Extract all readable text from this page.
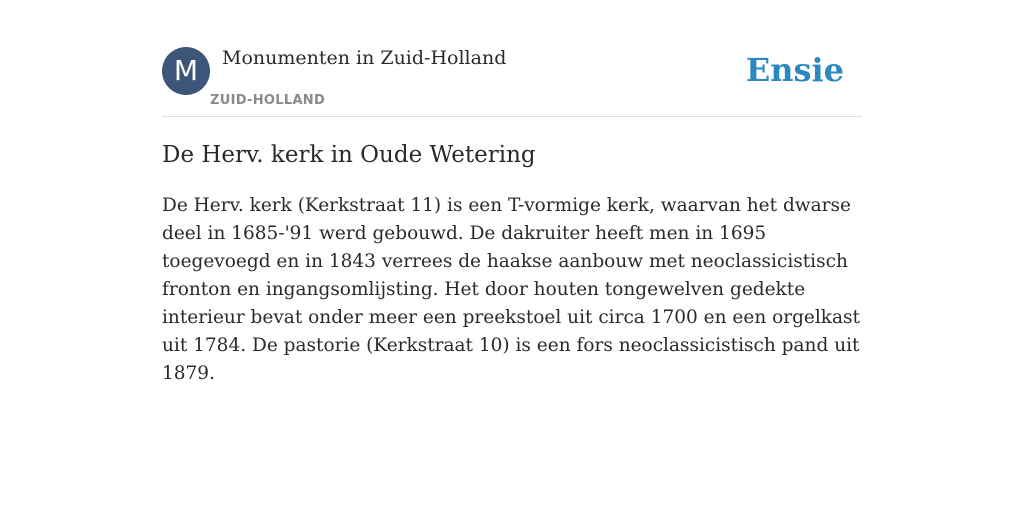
M	Monumenten in Zuid-Holland
ZUID-HOLLAND
Ensie
De Herv. kerk in Oude Wetering

De Herv. kerk (Kerkstraat 11) is een T-vormige kerk, waarvan het dwarse deel in 1685-'91 werd gebouwd. De dakruiter heeft men in 1695 toegevoegd en in 1843 verrees de haakse aanbouw met neoclassicistisch fronton en ingangsomlijsting. Het door houten tongewelven gedekte interieur bevat onder meer een preekstoel uit circa 1700 en een orgelkast uit 1784. De pastorie (Kerkstraat 10) is een fors neoclassicistisch pand uit 1879.
